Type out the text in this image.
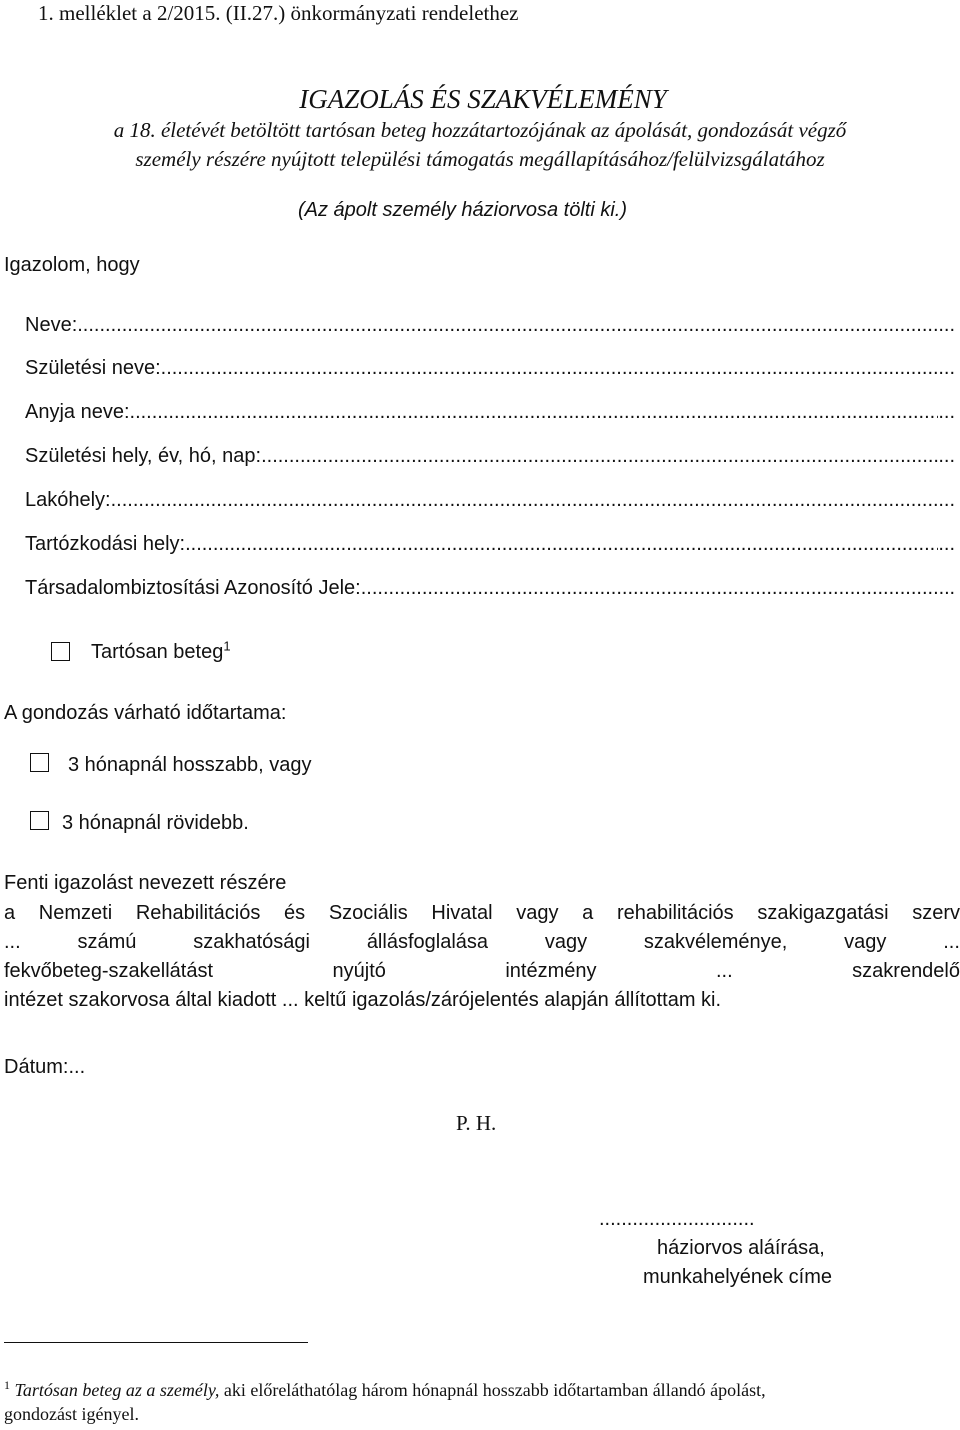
1. melléklet a 2/2015. (II.27.) önkormányzati rendelethez
IGAZOLÁS ÉS SZAKVÉLEMÉNY
a 18. életévét betöltött tartósan beteg hozzátartozójának az ápolását, gondozását végző
személy részére nyújtott települési támogatás megállapításához/felülvizsgálatához
(Az ápolt személy háziorvosa tölti ki.)
Igazolom, hogy
Neve: .....	...
Születési neve: .....	...
Anyja neve: .....	...
Születési hely, év, hó, nap: .....	...
Lakóhely: .....	...
Tartózkodási hely: .....	...
Társadalombiztosítási Azonosító Jele: .....	.
Tartósan beteg$^1$
A gondozás várható időtartama:
3 hónapnál hosszabb, vagy
3 hónapnál rövidebb.
Fenti igazolást nevezett részére
a Nemzeti Rehabilitációs és Szociális Hivatal vagy a rehabilitációs szakigazgatási szerv
...	számú	szakhatósági	állásfoglalása	vagy	szakvéleménye,	vagy	...
fekvőbeteg-szakellátást	nyújtó	intézmény	...	szakrendelő
intézet szakorvosa által kiadott ... keltű igazolás/zárójelentés alapján állítottam ki.
Dátum:...
P. H.
............................
háziorvos aláírása,
munkahelyének címe
$^1$ Tartósan beteg az a személy, aki előreláthatólag három hónapnál hosszabb időtartamban állandó ápolást,
gondozást igényel.
